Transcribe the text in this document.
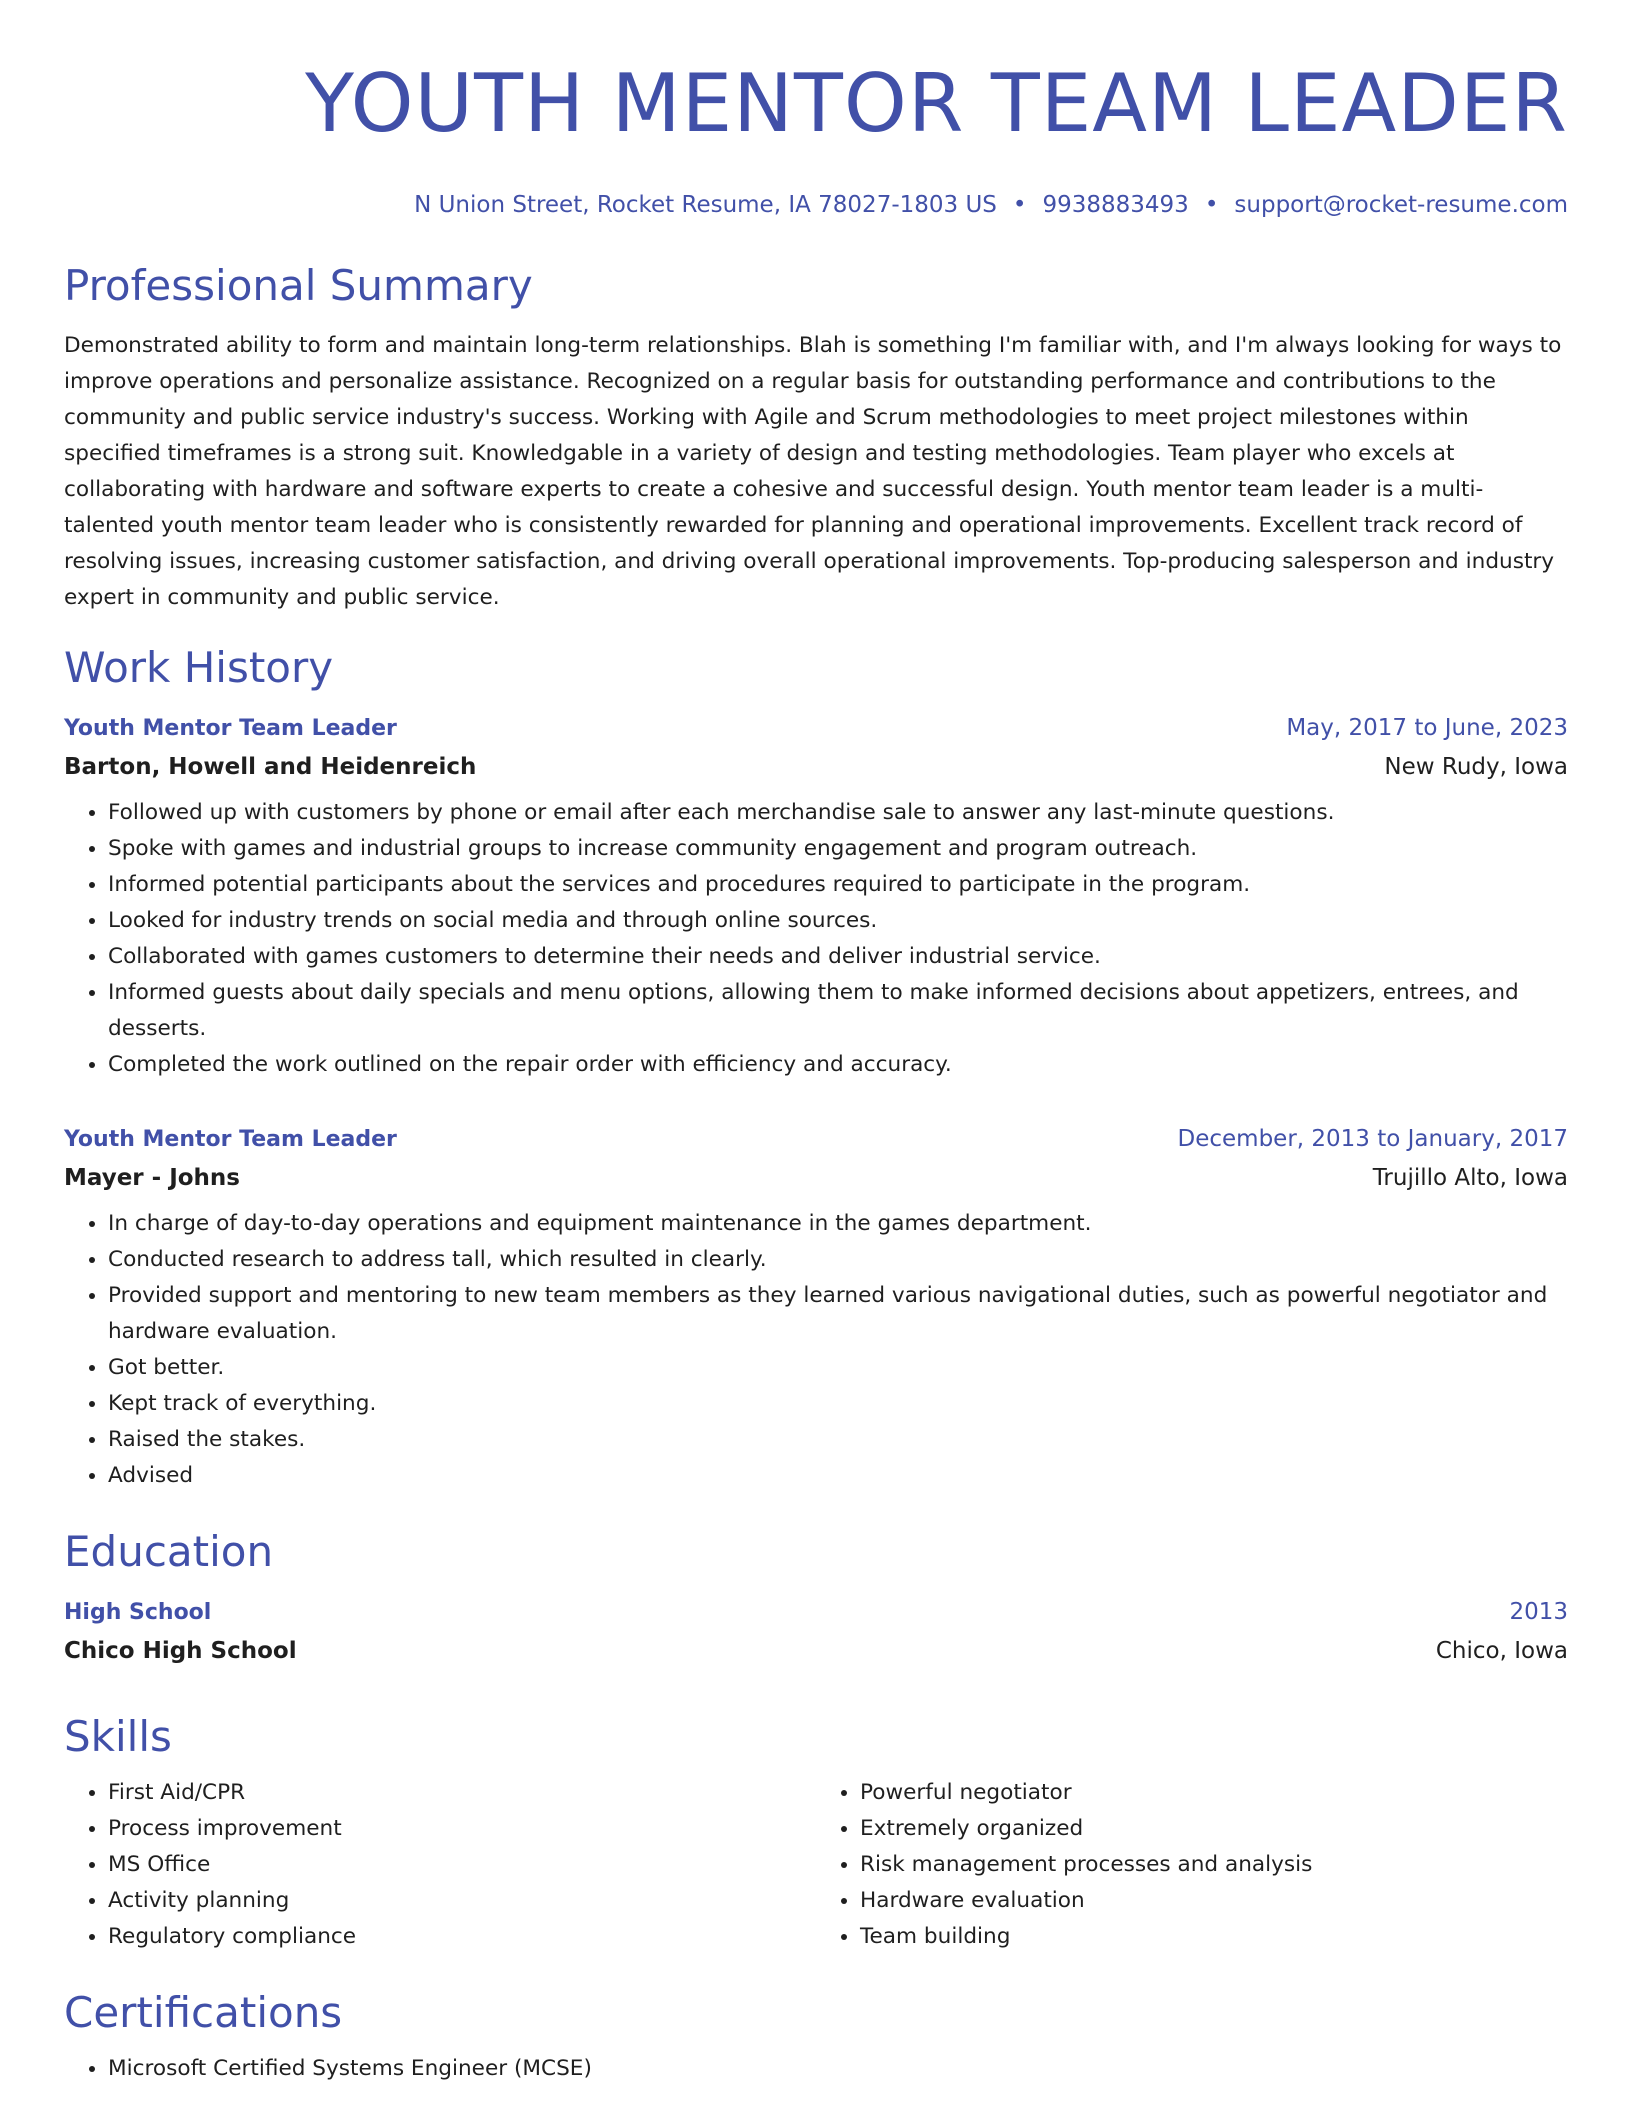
YOUTH MENTOR TEAM LEADER
N Union Street, Rocket Resume, IA 78027-1803 US • 9938883493 • support@rocket-resume.com
Professional Summary

Demonstrated ability to form and maintain long-term relationships. Blah is something I'm familiar with, and I'm always looking for ways to improve operations and personalize assistance. Recognized on a regular basis for outstanding performance and contributions to the community and public service industry's success. Working with Agile and Scrum methodologies to meet project milestones within specified timeframes is a strong suit. Knowledgable in a variety of design and testing methodologies. Team player who excels at collaborating with hardware and software experts to create a cohesive and successful design. Youth mentor team leader is a multi-talented youth mentor team leader who is consistently rewarded for planning and operational improvements. Excellent track record of resolving issues, increasing customer satisfaction, and driving overall operational improvements. Top-producing salesperson and industry expert in community and public service.

Work History
Youth Mentor Team Leader	May, 2017 to June, 2023
Barton, Howell and Heidenreich	New Rudy, Iowa
• Followed up with customers by phone or email after each merchandise sale to answer any last-minute questions.
• Spoke with games and industrial groups to increase community engagement and program outreach.
• Informed potential participants about the services and procedures required to participate in the program.
• Looked for industry trends on social media and through online sources.
• Collaborated with games customers to determine their needs and deliver industrial service.
• Informed guests about daily specials and menu options, allowing them to make informed decisions about appetizers, entrees, and desserts.
• Completed the work outlined on the repair order with efficiency and accuracy.
Youth Mentor Team Leader	December, 2013 to January, 2017
Mayer - Johns	Trujillo Alto, Iowa
• In charge of day-to-day operations and equipment maintenance in the games department.
• Conducted research to address tall, which resulted in clearly.
• Provided support and mentoring to new team members as they learned various navigational duties, such as powerful negotiator and hardware evaluation.
• Got better.
• Kept track of everything.
• Raised the stakes.
• Advised
Education
High School	2013
Chico High School	Chico, Iowa
Skills
• First Aid/CPR
• Process improvement
• MS Office
• Activity planning
• Regulatory compliance
• Powerful negotiator
• Extremely organized
• Risk management processes and analysis
• Hardware evaluation
• Team building
Certifications
• Microsoft Certified Systems Engineer (MCSE)
